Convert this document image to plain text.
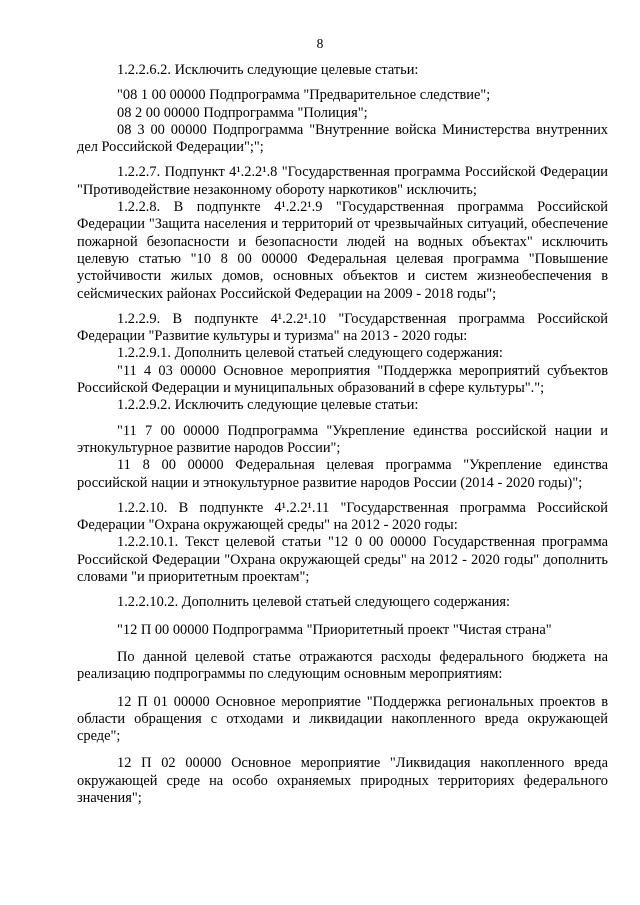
8

1.2.2.6.2. Исключить следующие целевые статьи:

"08 1 00 00000 Подпрограмма "Предварительное следствие";

08 2 00 00000 Подпрограмма "Полиция";

08 3 00 00000 Подпрограмма "Внутренние войска Министерства внутренних дел Российской Федерации";";

1.2.2.7. Подпункт 4¹.2.2¹.8 "Государственная программа Российской Федерации "Противодействие незаконному обороту наркотиков" исключить;

1.2.2.8. В подпункте 4¹.2.2¹.9 "Государственная программа Российской Федерации "Защита населения и территорий от чрезвычайных ситуаций, обеспечение пожарной безопасности и безопасности людей на водных объектах" исключить целевую статью "10 8 00 00000 Федеральная целевая программа "Повышение устойчивости жилых домов, основных объектов и систем жизнеобеспечения в сейсмических районах Российской Федерации на 2009 - 2018 годы";

1.2.2.9. В подпункте 4¹.2.2¹.10 "Государственная программа Российской Федерации "Развитие культуры и туризма" на 2013 - 2020 годы:

1.2.2.9.1. Дополнить целевой статьей следующего содержания:

"11 4 03 00000 Основное мероприятия "Поддержка мероприятий субъектов Российской Федерации и муниципальных образований в сфере культуры".";

1.2.2.9.2. Исключить следующие целевые статьи:

"11 7 00 00000 Подпрограмма "Укрепление единства российской нации и этнокультурное развитие народов России";

11 8 00 00000 Федеральная целевая программа "Укрепление единства российской нации и этнокультурное развитие народов России (2014 - 2020 годы)";

1.2.2.10. В подпункте 4¹.2.2¹.11 "Государственная программа Российской Федерации "Охрана окружающей среды" на 2012 - 2020 годы:

1.2.2.10.1. Текст целевой статьи "12 0 00 00000 Государственная программа Российской Федерации "Охрана окружающей среды" на 2012 - 2020 годы" дополнить словами "и приоритетным проектам";

1.2.2.10.2. Дополнить целевой статьей следующего содержания:

"12 П 00 00000 Подпрограмма "Приоритетный проект "Чистая страна"

По данной целевой статье отражаются расходы федерального бюджета на реализацию подпрограммы по следующим основным мероприятиям:

12 П 01 00000 Основное мероприятие "Поддержка региональных проектов в области обращения с отходами и ликвидации накопленного вреда окружающей среде";

12 П 02 00000 Основное мероприятие "Ликвидация накопленного вреда окружающей среде на особо охраняемых природных территориях федерального значения";
